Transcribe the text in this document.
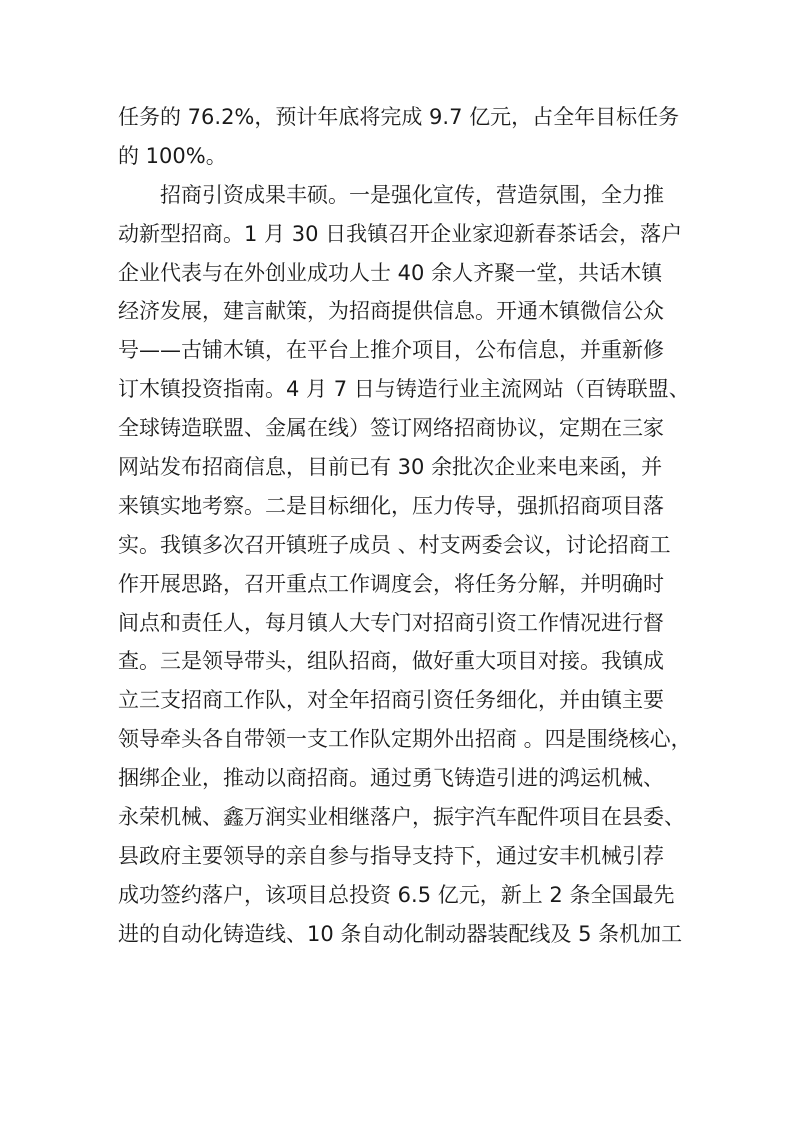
任务的 76.2%，预计年底将完成 9.7 亿元，占全年目标任务
的 100%。
招商引资成果丰硕。一是强化宣传，营造氛围，全力推
动新型招商。1 月 30 日我镇召开企业家迎新春茶话会，落户
企业代表与在外创业成功人士 40 余人齐聚一堂，共话木镇
经济发展，建言献策，为招商提供信息。开通木镇微信公众
号——古铺木镇，在平台上推介项目，公布信息，并重新修
订木镇投资指南。4 月 7 日与铸造行业主流网站（百铸联盟、
全球铸造联盟、金属在线）签订网络招商协议，定期在三家
网站发布招商信息，目前已有 30 余批次企业来电来函，并
来镇实地考察。二是目标细化，压力传导，强抓招商项目落
实。我镇多次召开镇班子成员 、村支两委会议，讨论招商工
作开展思路，召开重点工作调度会，将任务分解，并明确时
间点和责任人，每月镇人大专门对招商引资工作情况进行督
查。三是领导带头，组队招商，做好重大项目对接。我镇成
立三支招商工作队，对全年招商引资任务细化，并由镇主要
领导牵头各自带领一支工作队定期外出招商 。四是围绕核心，
捆绑企业，推动以商招商。通过勇飞铸造引进的鸿运机械、
永荣机械、鑫万润实业相继落户，振宇汽车配件项目在县委、
县政府主要领导的亲自参与指导支持下，通过安丰机械引荐
成功签约落户，该项目总投资 6.5 亿元，新上 2 条全国最先
进的自动化铸造线、10 条自动化制动器装配线及 5 条机加工
